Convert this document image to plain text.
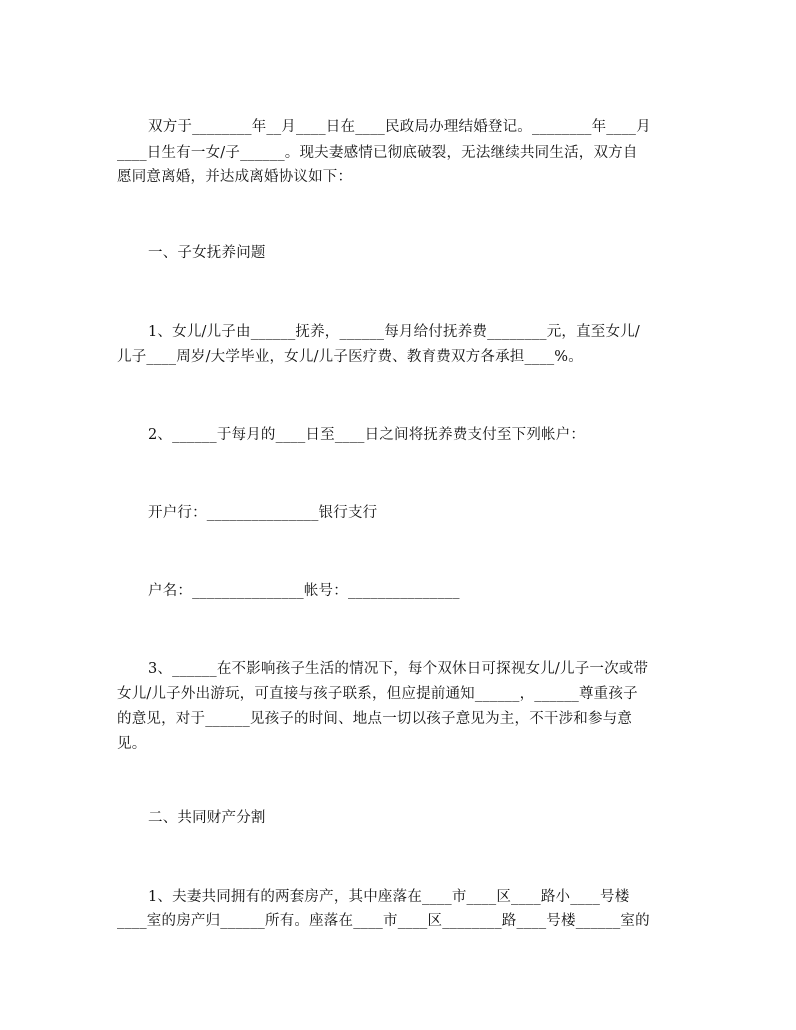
双方于________年__月____日在____民政局办理结婚登记。________年____月
____日生有一女/子______。现夫妻感情已彻底破裂，无法继续共同生活，双方自
愿同意离婚，并达成离婚协议如下：
一、子女抚养问题
1、女儿/儿子由______抚养，______每月给付抚养费________元，直至女儿/
儿子____周岁/大学毕业，女儿/儿子医疗费、教育费双方各承担____%。
2、______于每月的____日至____日之间将抚养费支付至下列帐户：
开户行：_______________银行支行
户名：_______________帐号：_______________
3、______在不影响孩子生活的情况下，每个双休日可探视女儿/儿子一次或带
女儿/儿子外出游玩，可直接与孩子联系，但应提前通知______，______尊重孩子
的意见，对于______见孩子的时间、地点一切以孩子意见为主，不干涉和参与意
见。
二、共同财产分割
1、夫妻共同拥有的两套房产，其中座落在____市____区____路小____号楼
____室的房产归______所有。座落在____市____区________路____号楼______室的
